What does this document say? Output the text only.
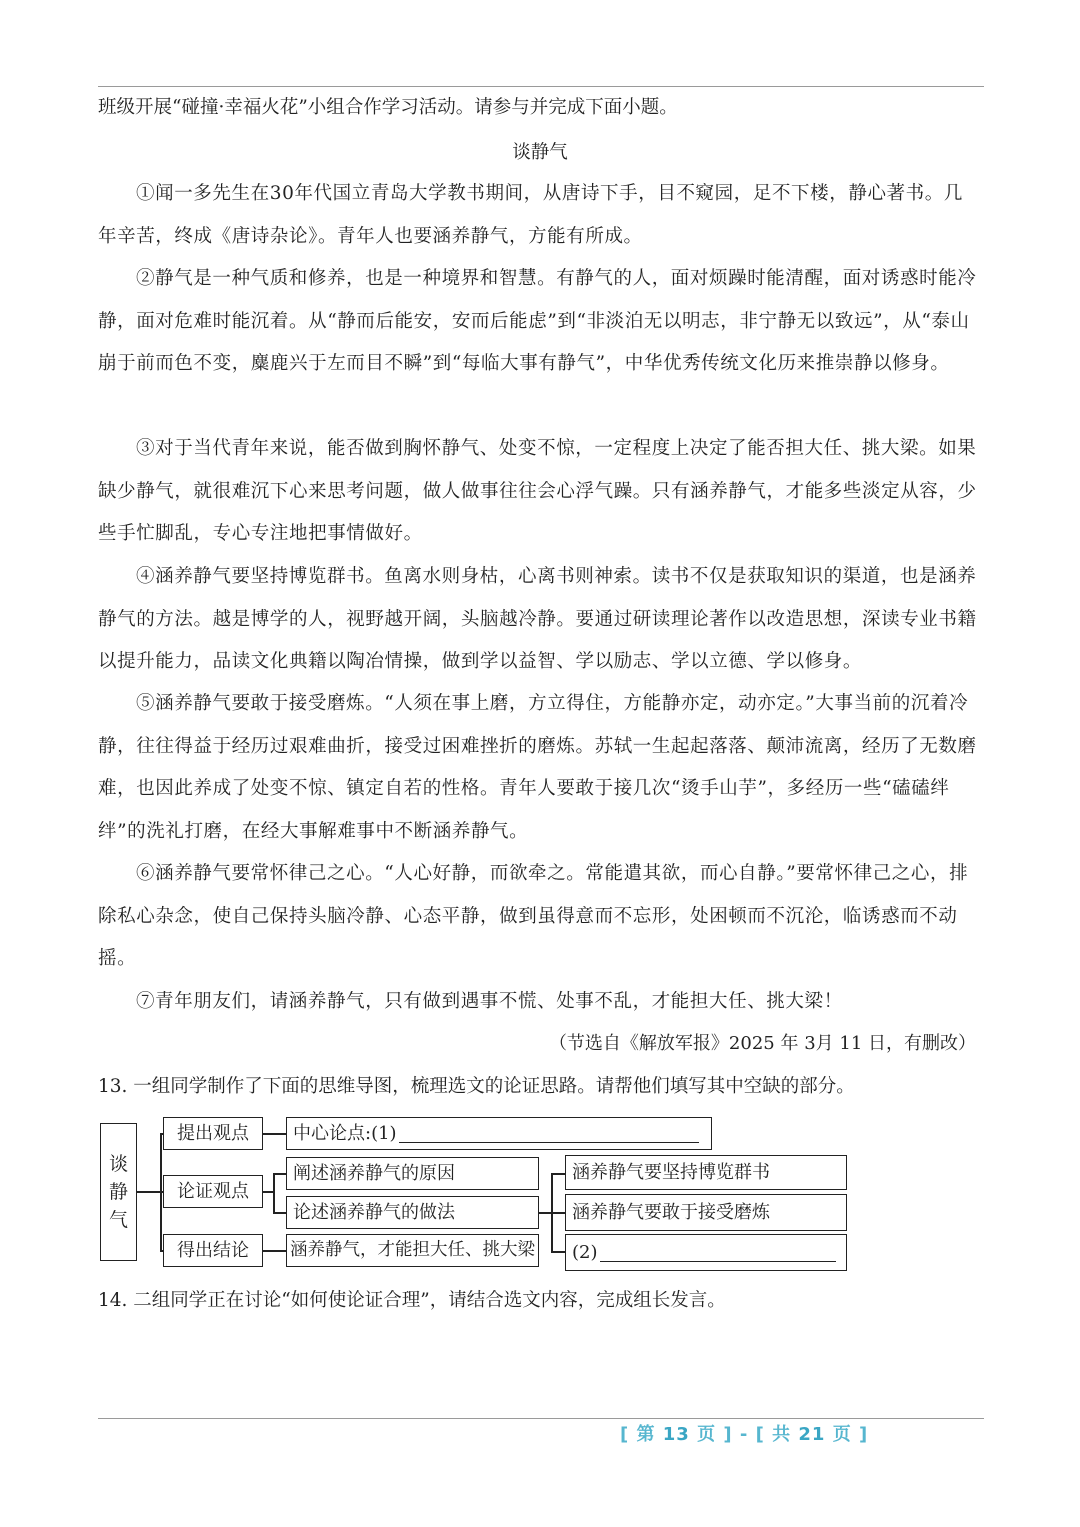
班级开展“碰撞·幸福火花”小组合作学习活动。请参与并完成下面小题。
谈静气

①闻一多先生在30年代国立青岛大学教书期间，从唐诗下手，目不窥园，足不下楼，静心著书。几年辛苦，终成《唐诗杂论》。青年人也要涵养静气，方能有所成。

②静气是一种气质和修养，也是一种境界和智慧。有静气的人，面对烦躁时能清醒，面对诱惑时能冷静，面对危难时能沉着。从“静而后能安，安而后能虑”到“非淡泊无以明志，非宁静无以致远”，从“泰山崩于前而色不变，麋鹿兴于左而目不瞬”到“每临大事有静气”，中华优秀传统文化历来推崇静以修身。

③对于当代青年来说，能否做到胸怀静气、处变不惊，一定程度上决定了能否担大任、挑大梁。如果缺少静气，就很难沉下心来思考问题，做人做事往往会心浮气躁。只有涵养静气，才能多些淡定从容，少些手忙脚乱，专心专注地把事情做好。

④涵养静气要坚持博览群书。鱼离水则身枯，心离书则神索。读书不仅是获取知识的渠道，也是涵养静气的方法。越是博学的人，视野越开阔，头脑越冷静。要通过研读理论著作以改造思想，深读专业书籍以提升能力，品读文化典籍以陶冶情操，做到学以益智、学以励志、学以立德、学以修身。

⑤涵养静气要敢于接受磨炼。“人须在事上磨，方立得住，方能静亦定，动亦定。”大事当前的沉着冷静，往往得益于经历过艰难曲折，接受过困难挫折的磨炼。苏轼一生起起落落、颠沛流离，经历了无数磨难，也因此养成了处变不惊、镇定自若的性格。青年人要敢于接几次“烫手山芋”，多经历一些“磕磕绊绊”的洗礼打磨，在经大事解难事中不断涵养静气。

⑥涵养静气要常怀律己之心。“人心好静，而欲牵之。常能遣其欲，而心自静。”要常怀律己之心，排除私心杂念，使自己保持头脑冷静、心态平静，做到虽得意而不忘形，处困顿而不沉沦，临诱惑而不动摇。

⑦青年朋友们，请涵养静气，只有做到遇事不慌、处事不乱，才能担大任、挑大梁！

（节选自《解放军报》2025 年 3月 11 日，有删改）
13. 一组同学制作了下面的思维导图，梳理选文的论证思路。请帮他们填写其中空缺的部分。
谈
静
气
提出观点
论证观点
得出结论
中心论点:(1)
阐述涵养静气的原因
论述涵养静气的做法
涵养静气，才能担大任、挑大梁
涵养静气要坚持博览群书
涵养静气要敢于接受磨炼
(2)
14. 二组同学正在讨论“如何使论证合理”，请结合选文内容，完成组长发言。
[ 第 13 页 ] - [ 共 21 页 ]
